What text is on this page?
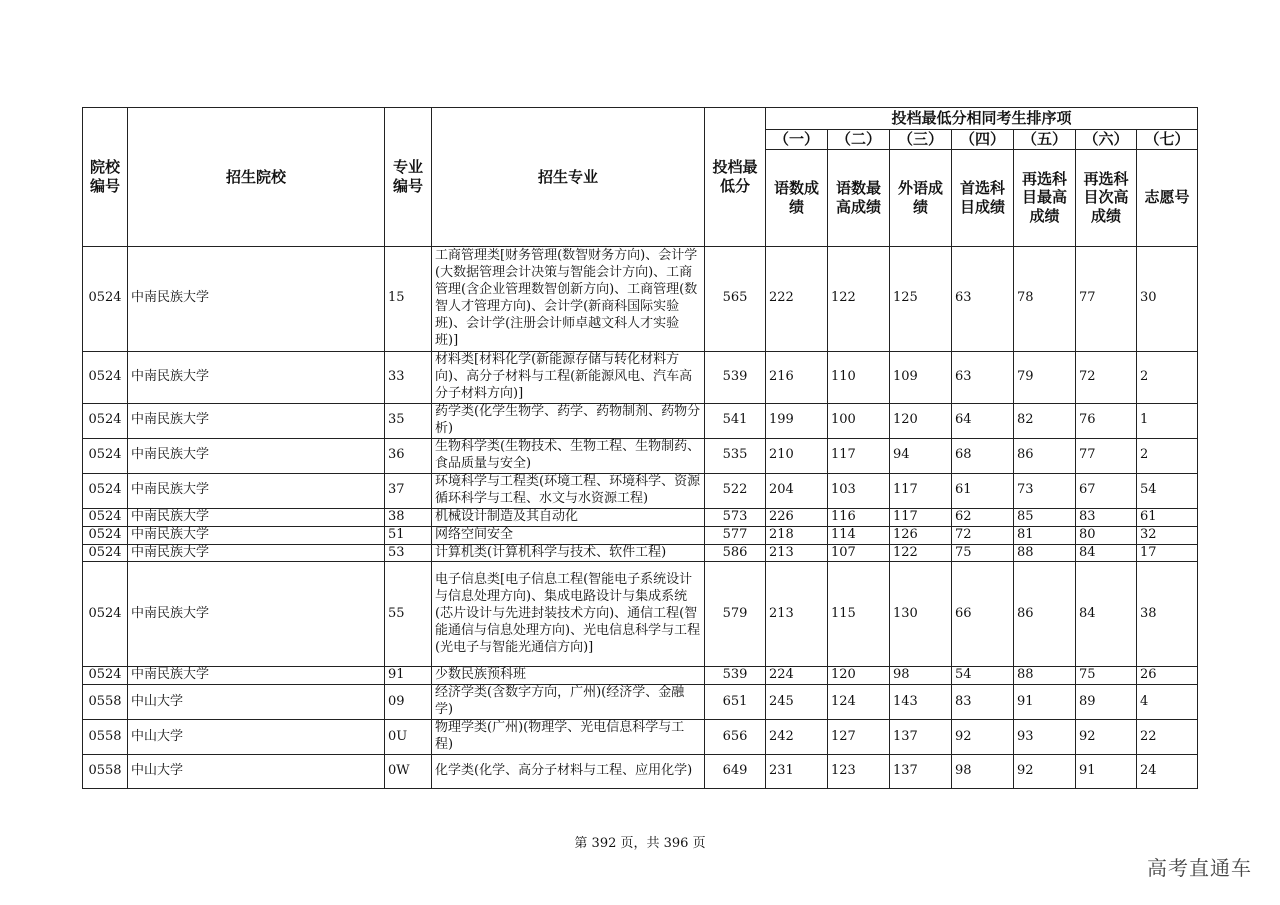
院校编号	招生院校	专业编号	招生专业	投档最低分	投档最低分相同考生排序项						
					（一）	（二）	（三）	（四）	（五）	（六）	（七）
					语数成绩	语数最高成绩	外语成绩	首选科目成绩	再选科目最高成绩	再选科目次高成绩	志愿号
0524	中南民族大学	15	工商管理类[财务管理(数智财务方向)、会计学(大数据管理会计决策与智能会计方向)、工商管理(含企业管理数智创新方向)、工商管理(数智人才管理方向)、会计学(新商科国际实验班)、会计学(注册会计师卓越文科人才实验班)]	565	222	122	125	63	78	77	30
0524	中南民族大学	33	材料类[材料化学(新能源存储与转化材料方向)、高分子材料与工程(新能源风电、汽车高分子材料方向)]	539	216	110	109	63	79	72	2
0524	中南民族大学	35	药学类(化学生物学、药学、药物制剂、药物分析)	541	199	100	120	64	82	76	1
0524	中南民族大学	36	生物科学类(生物技术、生物工程、生物制药、食品质量与安全)	535	210	117	94	68	86	77	2
0524	中南民族大学	37	环境科学与工程类(环境工程、环境科学、资源循环科学与工程、水文与水资源工程)	522	204	103	117	61	73	67	54
0524	中南民族大学	38	机械设计制造及其自动化	573	226	116	117	62	85	83	61
0524	中南民族大学	51	网络空间安全	577	218	114	126	72	81	80	32
0524	中南民族大学	53	计算机类(计算机科学与技术、软件工程)	586	213	107	122	75	88	84	17
0524	中南民族大学	55	电子信息类[电子信息工程(智能电子系统设计与信息处理方向)、集成电路设计与集成系统(芯片设计与先进封装技术方向)、通信工程(智能通信与信息处理方向)、光电信息科学与工程(光电子与智能光通信方向)]	579	213	115	130	66	86	84	38
0524	中南民族大学	91	少数民族预科班	539	224	120	98	54	88	75	26
0558	中山大学	09	经济学类(含数字方向，广州)(经济学、金融学)	651	245	124	143	83	91	89	4
0558	中山大学	0U	物理学类(广州)(物理学、光电信息科学与工程)	656	242	127	137	92	93	92	22
0558	中山大学	0W	化学类(化学、高分子材料与工程、应用化学)	649	231	123	137	98	92	91	24
第 392 页，共 396 页
高考直通车
